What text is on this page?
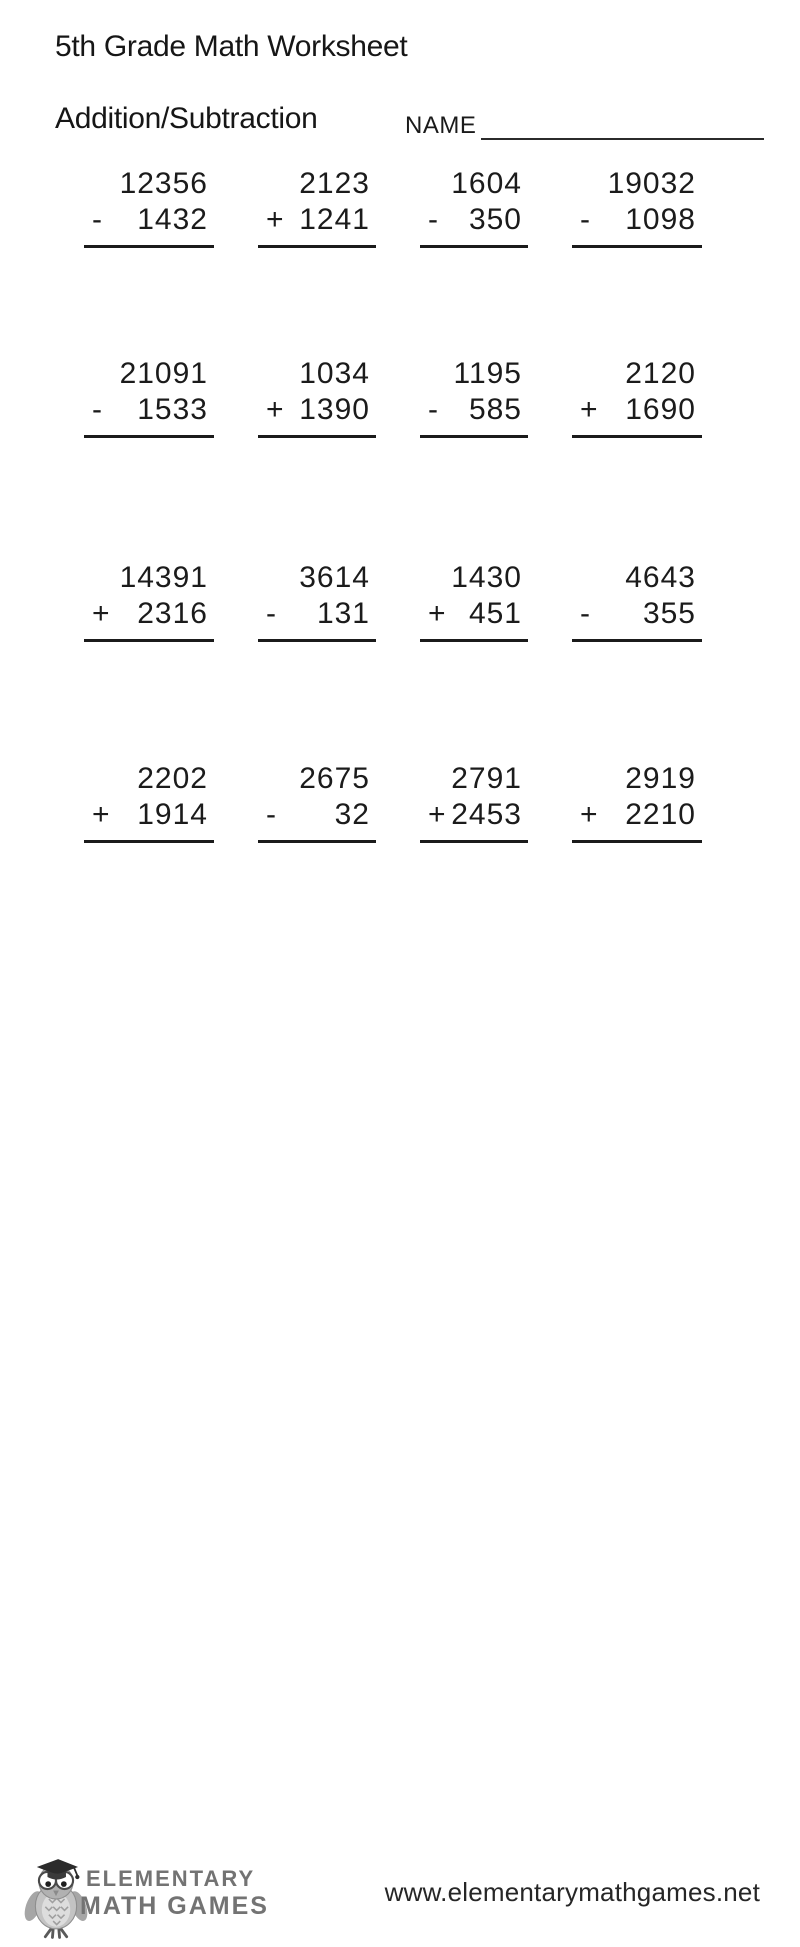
5th Grade Math Worksheet
Addition/Subtraction	NAME
12356
- 1432
2123
+ 1241
1604
- 350
19032
- 1098
21091
- 1533
1034
+ 1390
1195
- 585
2120
+ 1690
14391
+ 2316
3614
- 131
1430
+ 451
4643
- 355
2202
+ 1914
2675
- 32
2791
+ 2453
2919
+ 2210
ELEMENTARY
MATH GAMES	www.elementarymathgames.net
